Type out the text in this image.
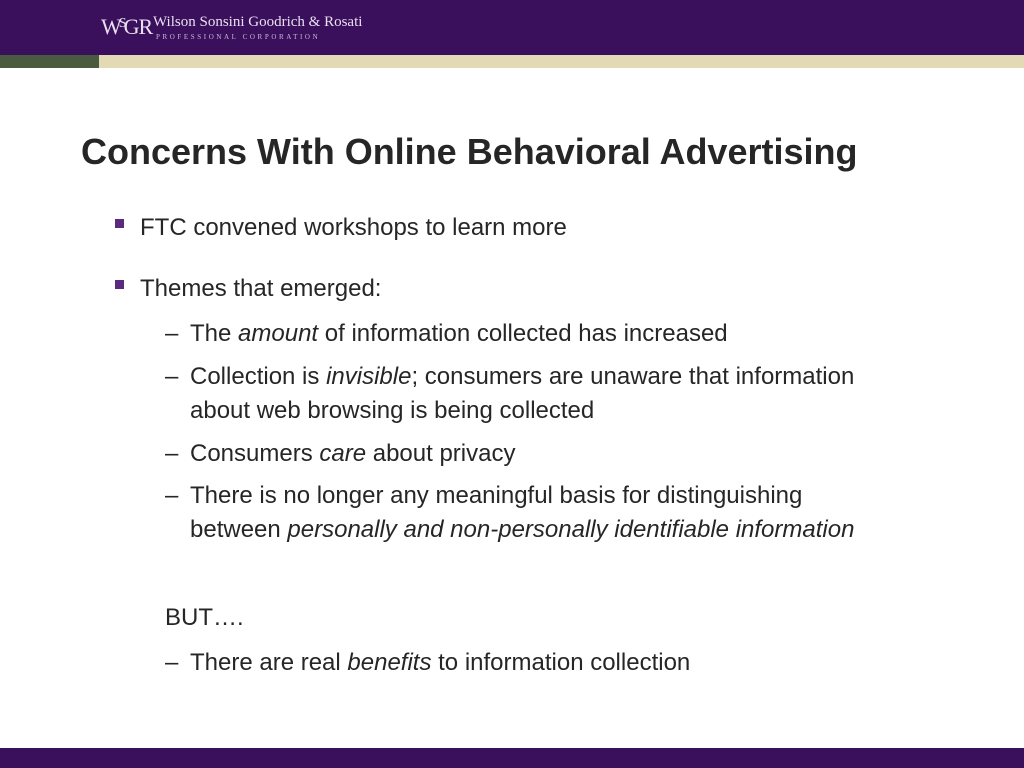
$W^SGR$ Wilson Sonsini Goodrich & Rosati
PROFESSIONAL CORPORATION
Concerns With Online Behavioral Advertising
FTC convened workshops to learn more
Themes that emerged:
– The amount of information collected has increased
– Collection is invisible; consumers are unaware that information about web browsing is being collected
– Consumers care about privacy
– There is no longer any meaningful basis for distinguishing between personally and non-personally identifiable information
BUT….
– There are real benefits to information collection
